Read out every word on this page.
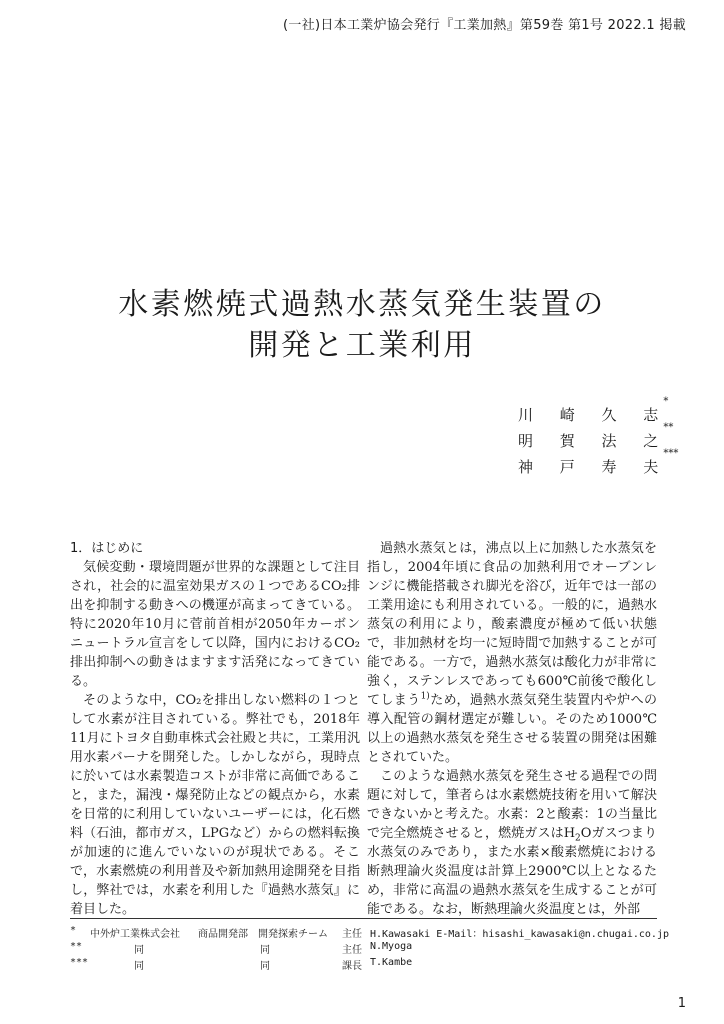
(一社)日本工業炉協会発行『工業加熱』第59巻 第1号 2022.1 掲載
水素燃焼式過熱水蒸気発生装置の
開発と工業利用
川 崎 久 志
*
明 賀 法 之
**
神 戸 寿 夫
***

1．はじめに

気候変動・環境問題が世界的な課題として注目され，社会的に温室効果ガスの１つであるCO₂排出を抑制する動きへの機運が高まってきている。特に2020年10月に菅前首相が2050年カーボンニュートラル宣言をして以降，国内におけるCO₂排出抑制への動きはますます活発になってきている。

そのような中，CO₂を排出しない燃料の１つとして水素が注目されている。弊社でも，2018年11月にトヨタ自動車株式会社殿と共に，工業用汎用水素バーナを開発した。しかしながら，現時点に於いては水素製造コストが非常に高価であること，また，漏洩・爆発防止などの観点から，水素を日常的に利用していないユーザーには，化石燃料（石油，都市ガス，LPGなど）からの燃料転換が加速的に進んでいないのが現状である。そこで，水素燃焼の利用普及や新加熱用途開発を目指し，弊社では，水素を利用した『過熱水蒸気』に着目した。

過熱水蒸気とは，沸点以上に加熱した水蒸気を指し，2004年頃に食品の加熱利用でオーブンレンジに機能搭載され脚光を浴び，近年では一部の工業用途にも利用されている。一般的に，過熱水蒸気の利用により，酸素濃度が極めて低い状態で，非加熱材を均一に短時間で加熱することが可能である。一方で，過熱水蒸気は酸化力が非常に強く，ステンレスであっても600℃前後で酸化してしまう$^{1)}$ため，過熱水蒸気発生装置内や炉への導入配管の鋼材選定が難しい。そのため1000℃以上の過熱水蒸気を発生させる装置の開発は困難とされていた。

このような過熱水蒸気を発生させる過程での問題に対して，筆者らは水素燃焼技術を用いて解決できないかと考えた。水素：2と酸素：1の当量比で完全燃焼させると，燃焼ガスは$H_2O$ガスつまり水蒸気のみであり，また水素×酸素燃焼における断熱理論火炎温度は計算上2900℃以上となるため，非常に高温の過熱水蒸気を生成することが可能である。なお，断熱理論火炎温度とは，外部

* 中外炉工業株式会社 商品開発部 開発探索チーム 主任 H.Kawasaki E-Mail：hisashi_kawasaki@n.chugai.co.jp
**	同	同	主任 N.Myoga
***	同	同	課長 T.Kambe
1
